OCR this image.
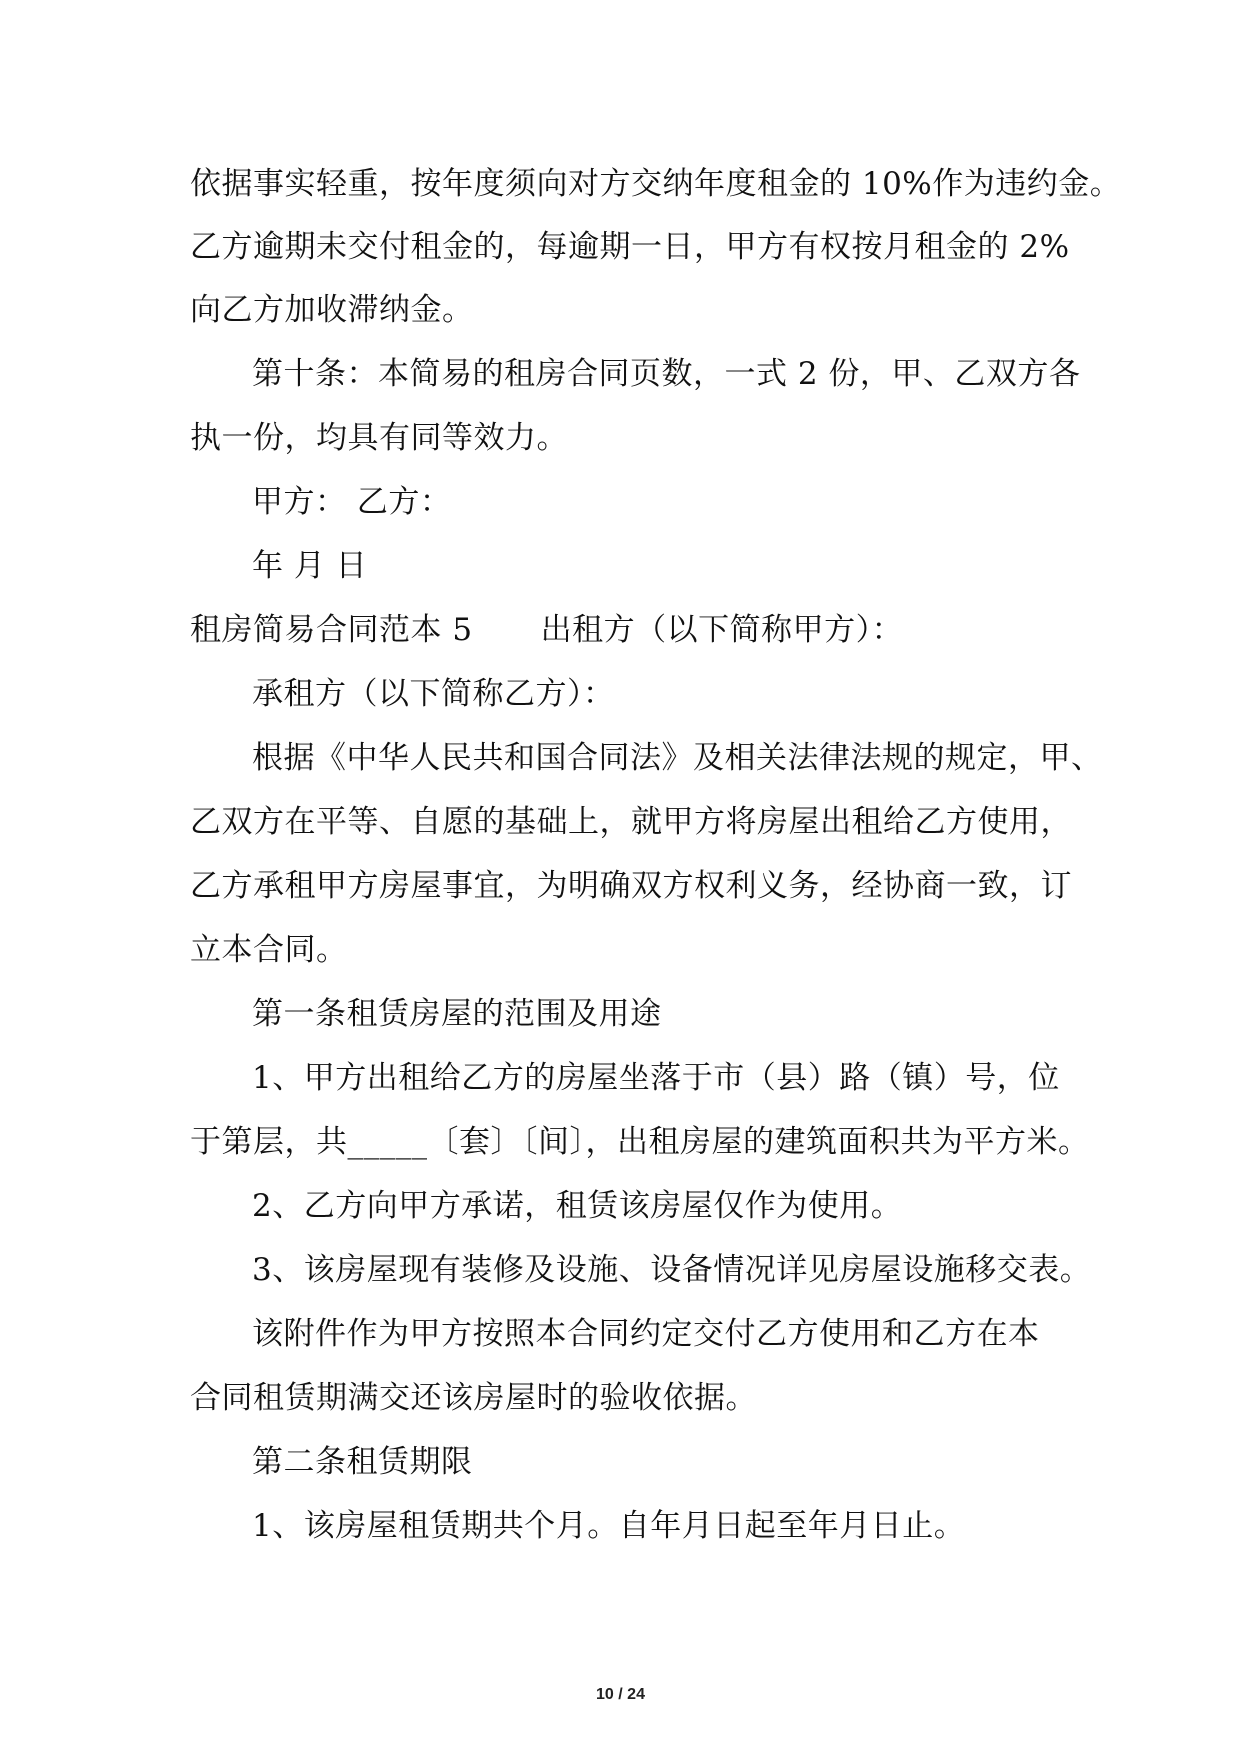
依据事实轻重，按年度须向对方交纳年度租金的 10%作为违约金。
乙方逾期未交付租金的，每逾期一日，甲方有权按月租金的 2%
向乙方加收滞纳金。
第十条：本简易的租房合同页数，一式 2 份，甲、乙双方各
执一份，均具有同等效力。
甲方： 乙方：
年 月 日
租房简易合同范本 5 出租方（以下简称甲方）：
承租方（以下简称乙方）：
根据《中华人民共和国合同法》及相关法律法规的规定，甲、
乙双方在平等、自愿的基础上，就甲方将房屋出租给乙方使用，
乙方承租甲方房屋事宜，为明确双方权利义务，经协商一致，订
立本合同。
第一条租赁房屋的范围及用途
1、甲方出租给乙方的房屋坐落于市（县）路（镇）号，位
于第层，共_____〔套〕〔间〕，出租房屋的建筑面积共为平方米。
2、乙方向甲方承诺，租赁该房屋仅作为使用。
3、该房屋现有装修及设施、设备情况详见房屋设施移交表。
该附件作为甲方按照本合同约定交付乙方使用和乙方在本
合同租赁期满交还该房屋时的验收依据。
第二条租赁期限
1、该房屋租赁期共个月。自年月日起至年月日止。
10 / 24
